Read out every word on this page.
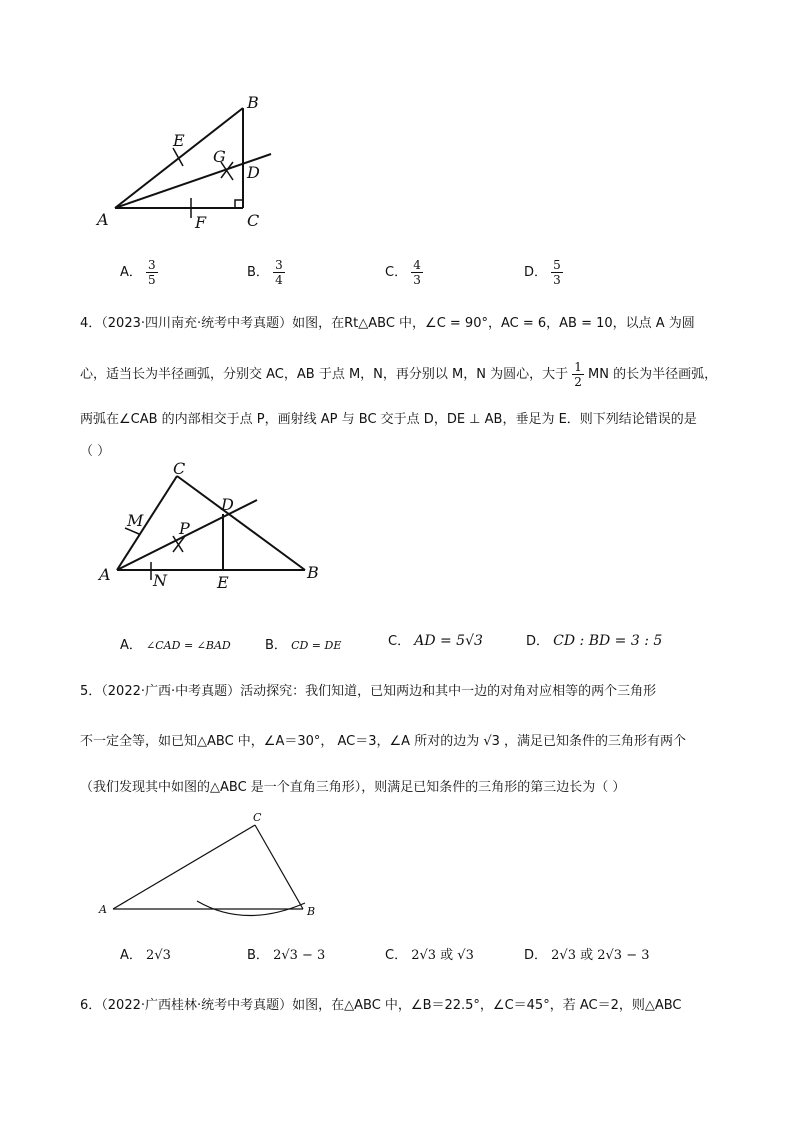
A
B
C
D
E
F
G
A． $\frac{3}{5}$	B． $\frac{3}{4}$	C． $\frac{4}{3}$	D． $\frac{5}{3}$
4．（2023·四川南充·统考中考真题）如图，在Rt△ABC 中，∠C = 90°，AC = 6，AB = 10，以点 A 为圆
心，适当长为半径画弧，分别交 AC，AB 于点 M，N，再分别以 M，N 为圆心，大于 $\frac{1}{2}$ MN 的长为半径画弧，
两弧在∠CAB 的内部相交于点 P，画射线 AP 与 BC 交于点 D，DE ⊥ AB，垂足为 E．则下列结论错误的是
（ ）
A
C
B
D
E
M
N
P
A． ∠CAD = ∠BAD	B． CD = DE	C． AD = 5√3	D． CD : BD = 3 : 5
5．（2022·广西·中考真题）活动探究：我们知道，已知两边和其中一边的对角对应相等的两个三角形
不一定全等，如已知△ABC 中，∠A＝30°， AC＝3，∠A 所对的边为 √3 ，满足已知条件的三角形有两个
（我们发现其中如图的△ABC 是一个直角三角形），则满足已知条件的三角形的第三边长为（ ）
A
C
B
A． 2√3	B． 2√3 − 3	C． 2√3 或 √3	D． 2√3 或 2√3 − 3
6．（2022·广西桂林·统考中考真题）如图，在△ABC 中，∠B＝22.5°，∠C＝45°，若 AC＝2，则△ABC
